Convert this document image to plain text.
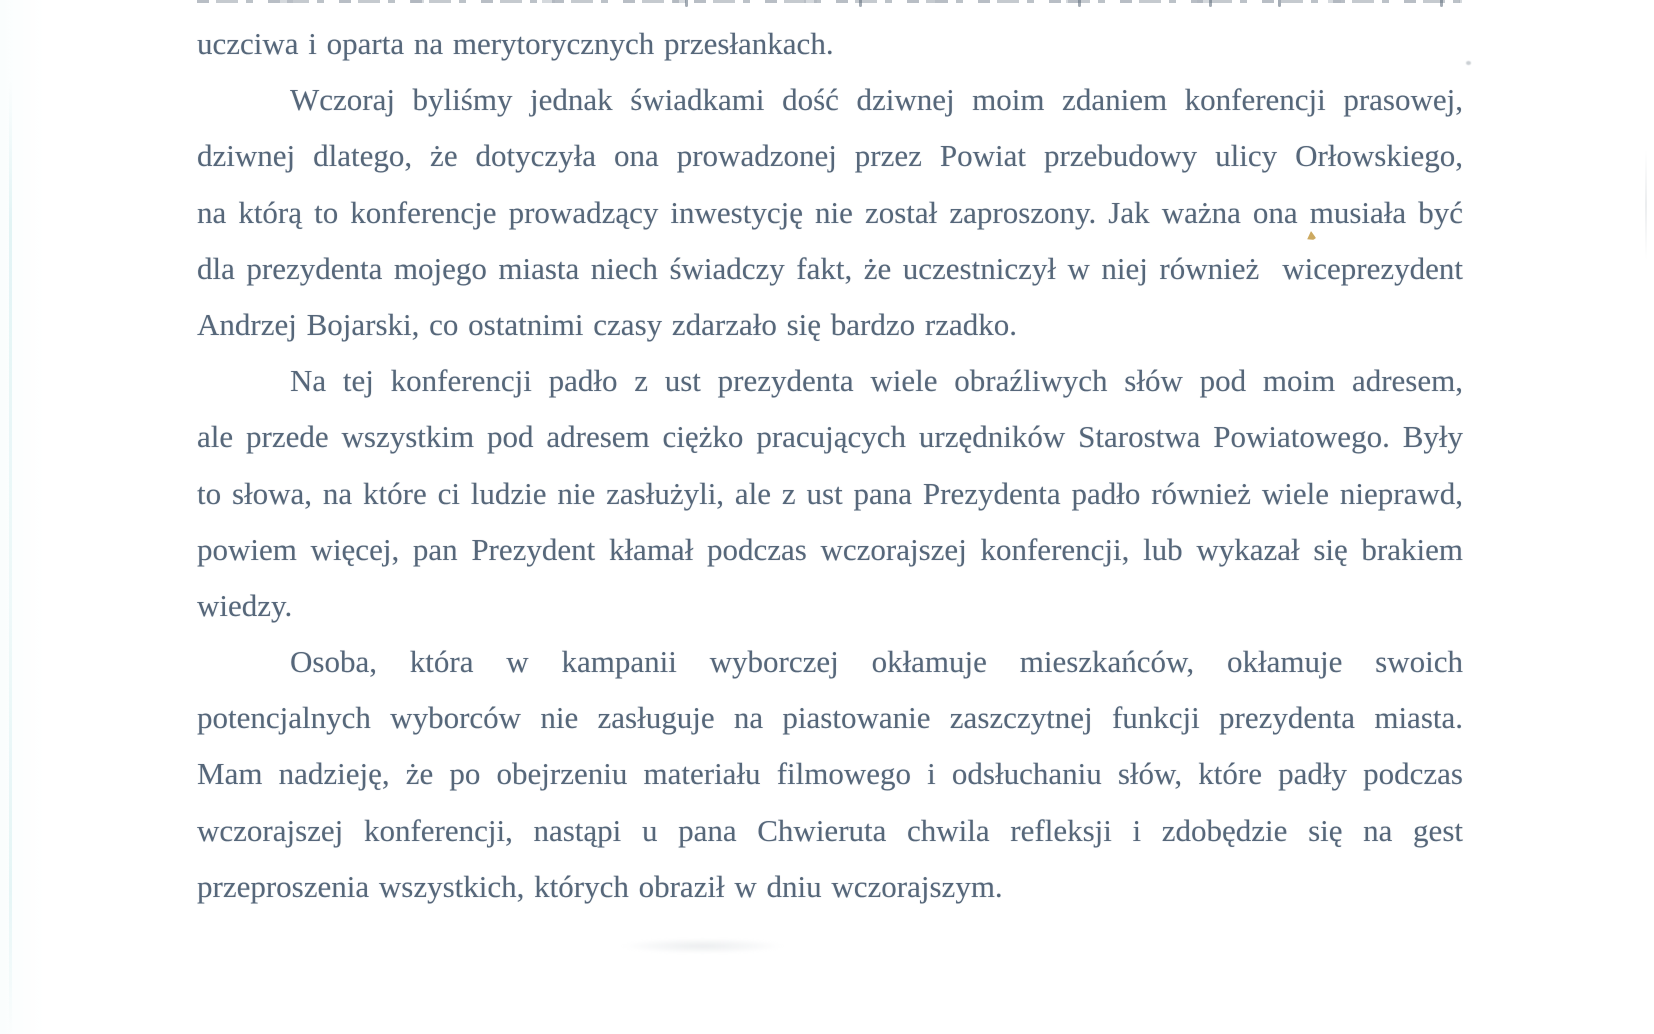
uczciwa i oparta na merytorycznych przesłankach.
Wczoraj byliśmy jednak świadkami dość dziwnej moim zdaniem konferencji prasowej,
dziwnej dlatego, że dotyczyła ona prowadzonej przez Powiat przebudowy ulicy Orłowskiego,
na którą to konferencje prowadzący inwestycję nie został zaproszony. Jak ważna ona musiała być
dla prezydenta mojego miasta niech świadczy fakt, że uczestniczył w niej również  wiceprezydent
Andrzej Bojarski, co ostatnimi czasy zdarzało się bardzo rzadko.
Na tej konferencji padło z ust prezydenta wiele obraźliwych słów pod moim adresem,
ale przede wszystkim pod adresem ciężko pracujących urzędników Starostwa Powiatowego. Były
to słowa, na które ci ludzie nie zasłużyli, ale z ust pana Prezydenta padło również wiele nieprawd,
powiem więcej, pan Prezydent kłamał podczas wczorajszej konferencji, lub wykazał się brakiem
wiedzy.
Osoba, która w kampanii wyborczej okłamuje mieszkańców, okłamuje swoich
potencjalnych wyborców nie zasługuje na piastowanie zaszczytnej funkcji prezydenta miasta.
Mam nadzieję, że po obejrzeniu materiału filmowego i odsłuchaniu słów, które padły podczas
wczorajszej konferencji, nastąpi u pana Chwieruta chwila refleksji i zdobędzie się na gest
przeproszenia wszystkich, których obraził w dniu wczorajszym.
